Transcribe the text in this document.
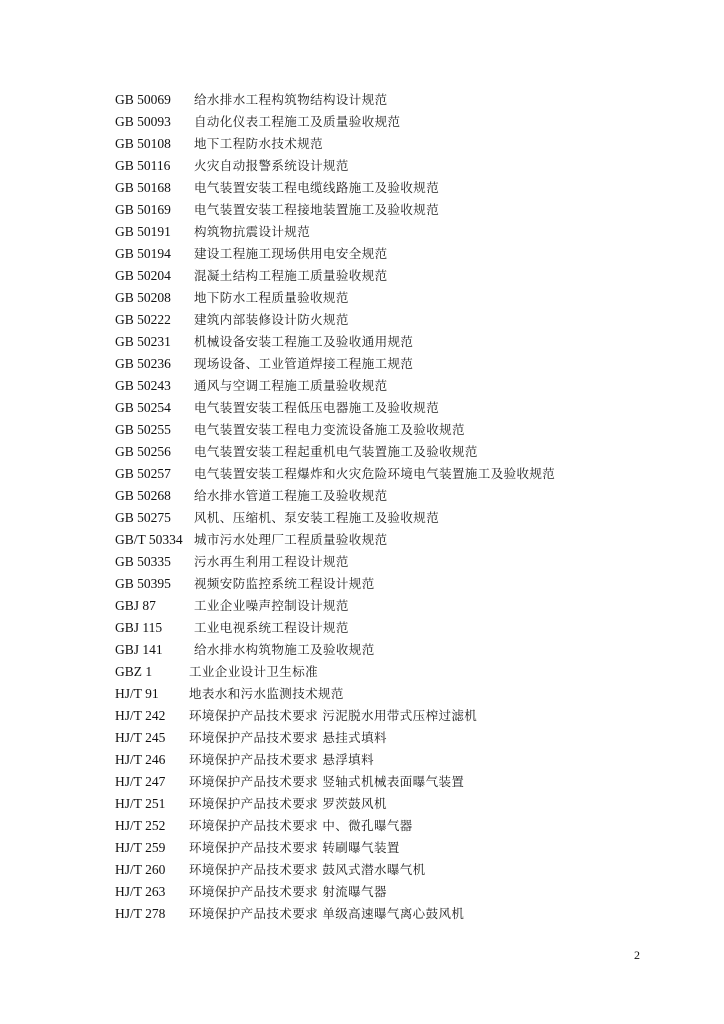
GB 50069 给水排水工程构筑物结构设计规范
GB 50093 自动化仪表工程施工及质量验收规范
GB 50108 地下工程防水技术规范
GB 50116 火灾自动报警系统设计规范
GB 50168 电气装置安装工程电缆线路施工及验收规范
GB 50169 电气装置安装工程接地装置施工及验收规范
GB 50191 构筑物抗震设计规范
GB 50194 建设工程施工现场供用电安全规范
GB 50204 混凝土结构工程施工质量验收规范
GB 50208 地下防水工程质量验收规范
GB 50222 建筑内部装修设计防火规范
GB 50231 机械设备安装工程施工及验收通用规范
GB 50236 现场设备、工业管道焊接工程施工规范
GB 50243 通风与空调工程施工质量验收规范
GB 50254 电气装置安装工程低压电器施工及验收规范
GB 50255 电气装置安装工程电力变流设备施工及验收规范
GB 50256 电气装置安装工程起重机电气装置施工及验收规范
GB 50257 电气装置安装工程爆炸和火灾危险环境电气装置施工及验收规范
GB 50268 给水排水管道工程施工及验收规范
GB 50275 风机、压缩机、泵安装工程施工及验收规范
GB/T 50334 城市污水处理厂工程质量验收规范
GB 50335 污水再生利用工程设计规范
GB 50395 视频安防监控系统工程设计规范
GBJ 87	工业企业噪声控制设计规范
GBJ 115	工业电视系统工程设计规范
GBJ 141	给水排水构筑物施工及验收规范
GBZ 1	工业企业设计卫生标准
HJ/T 91 地表水和污水监测技术规范
HJ/T 242 环境保护产品技术要求 污泥脱水用带式压榨过滤机
HJ/T 245 环境保护产品技术要求 悬挂式填料
HJ/T 246 环境保护产品技术要求 悬浮填料
HJ/T 247 环境保护产品技术要求 竖轴式机械表面曝气装置
HJ/T 251 环境保护产品技术要求 罗茨鼓风机
HJ/T 252 环境保护产品技术要求 中、微孔曝气器
HJ/T 259 环境保护产品技术要求 转刷曝气装置
HJ/T 260 环境保护产品技术要求 鼓风式潜水曝气机
HJ/T 263 环境保护产品技术要求 射流曝气器
HJ/T 278 环境保护产品技术要求 单级高速曝气离心鼓风机
2
